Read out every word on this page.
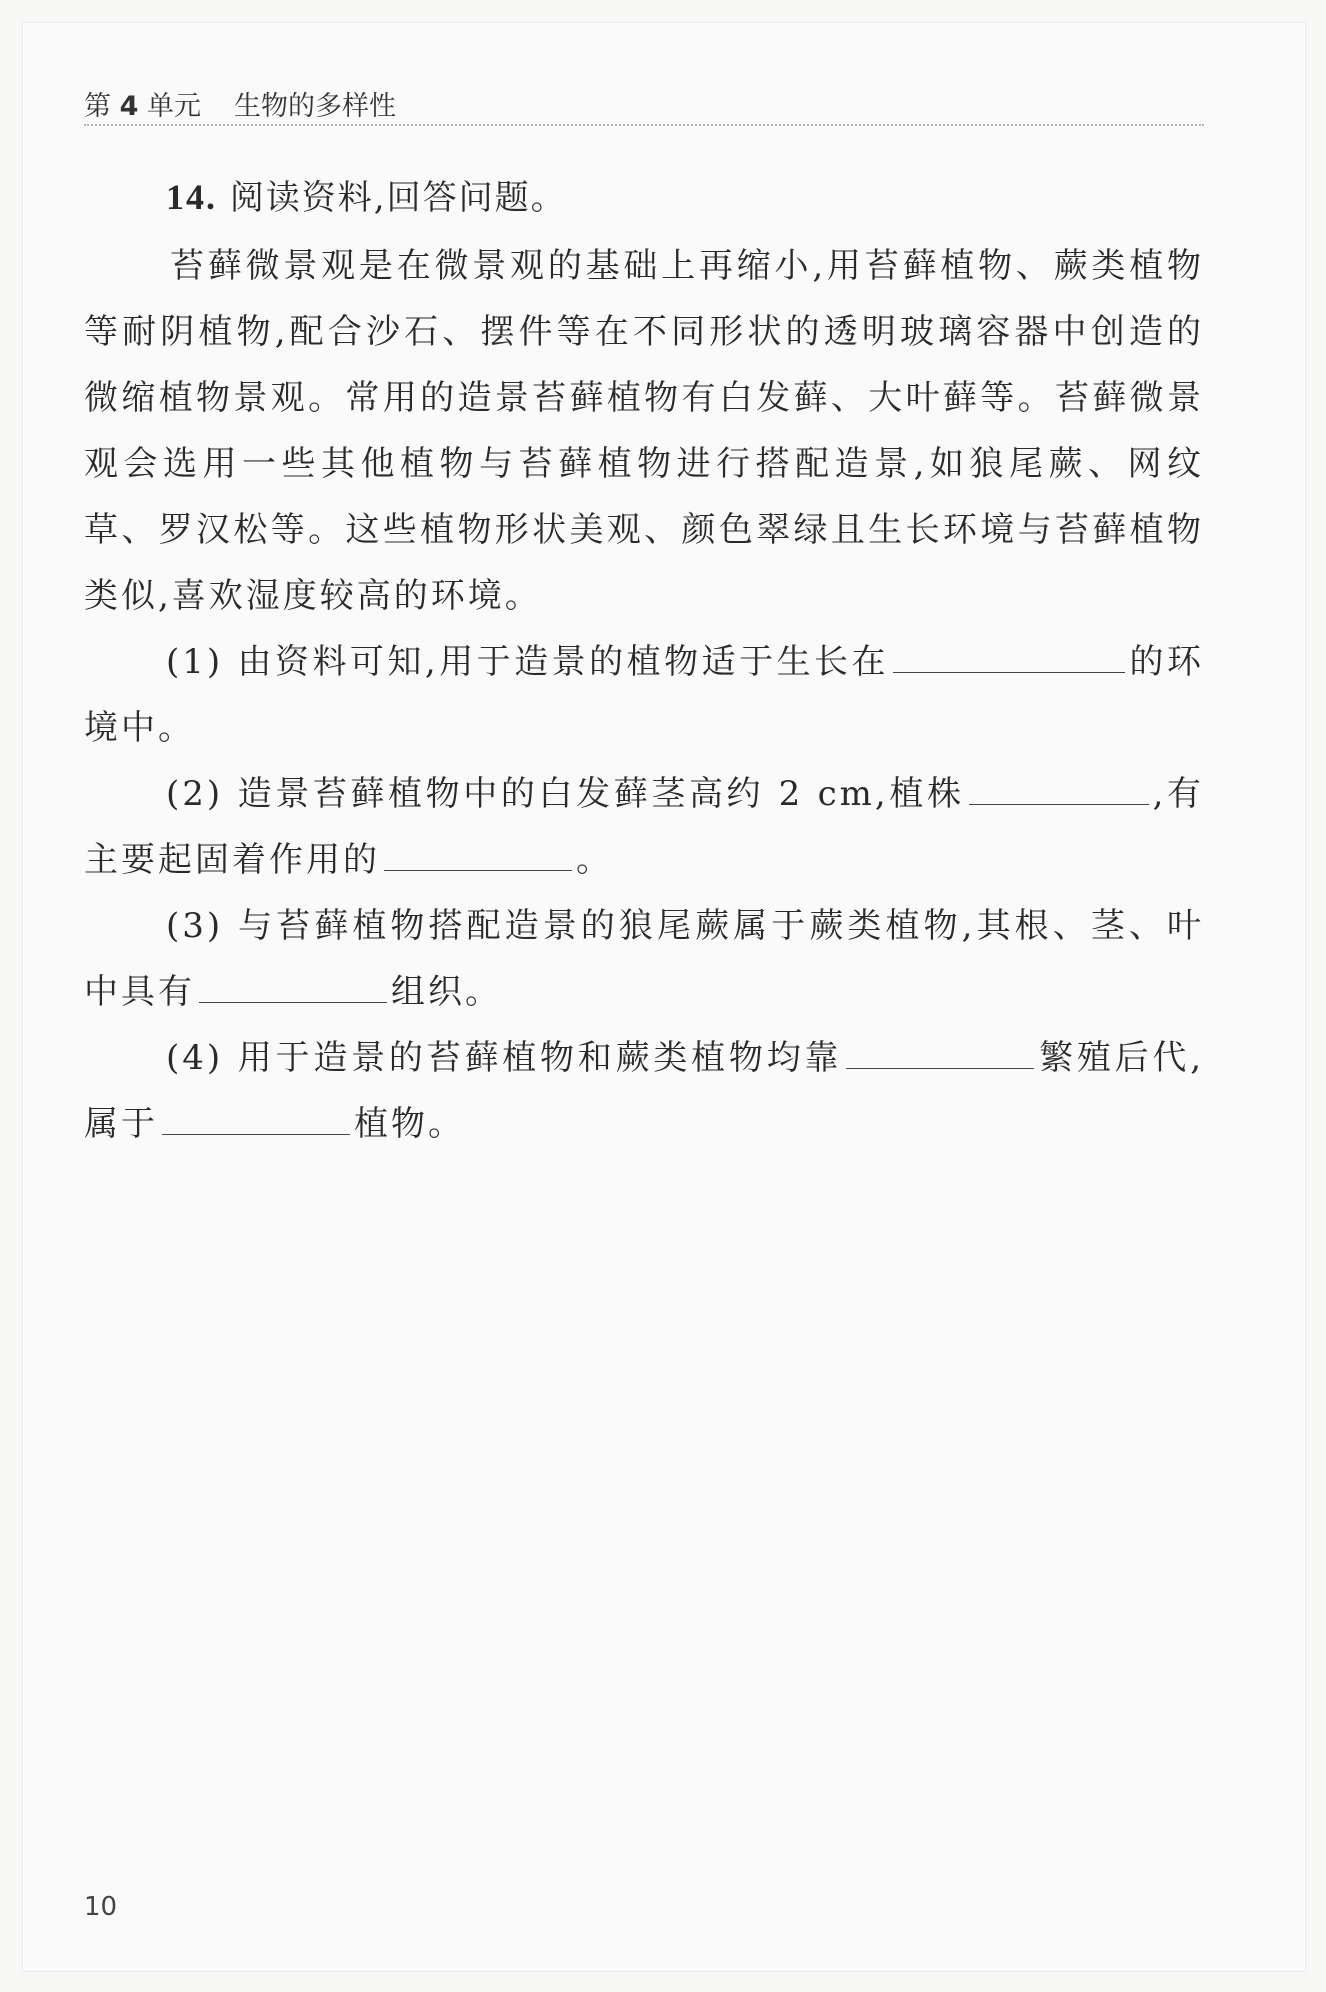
第 4 单元 生物的多样性

14. 阅读资料,回答问题。

苔藓微景观是在微景观的基础上再缩小,用苔藓植物、蕨类植物等耐阴植物,配合沙石、摆件等在不同形状的透明玻璃容器中创造的微缩植物景观。常用的造景苔藓植物有白发藓、大叶藓等。苔藓微景观会选用一些其他植物与苔藓植物进行搭配造景,如狼尾蕨、网纹草、罗汉松等。这些植物形状美观、颜色翠绿且生长环境与苔藓植物类似,喜欢湿度较高的环境。

(1) 由资料可知,用于造景的植物适于生长在	的环境中。

(2) 造景苔藓植物中的白发藓茎高约 2 cm,植株	,有主要起固着作用的	。

(3) 与苔藓植物搭配造景的狼尾蕨属于蕨类植物,其根、茎、叶中具有	组织。

(4) 用于造景的苔藓植物和蕨类植物均靠	繁殖后代,属于	植物。

10
